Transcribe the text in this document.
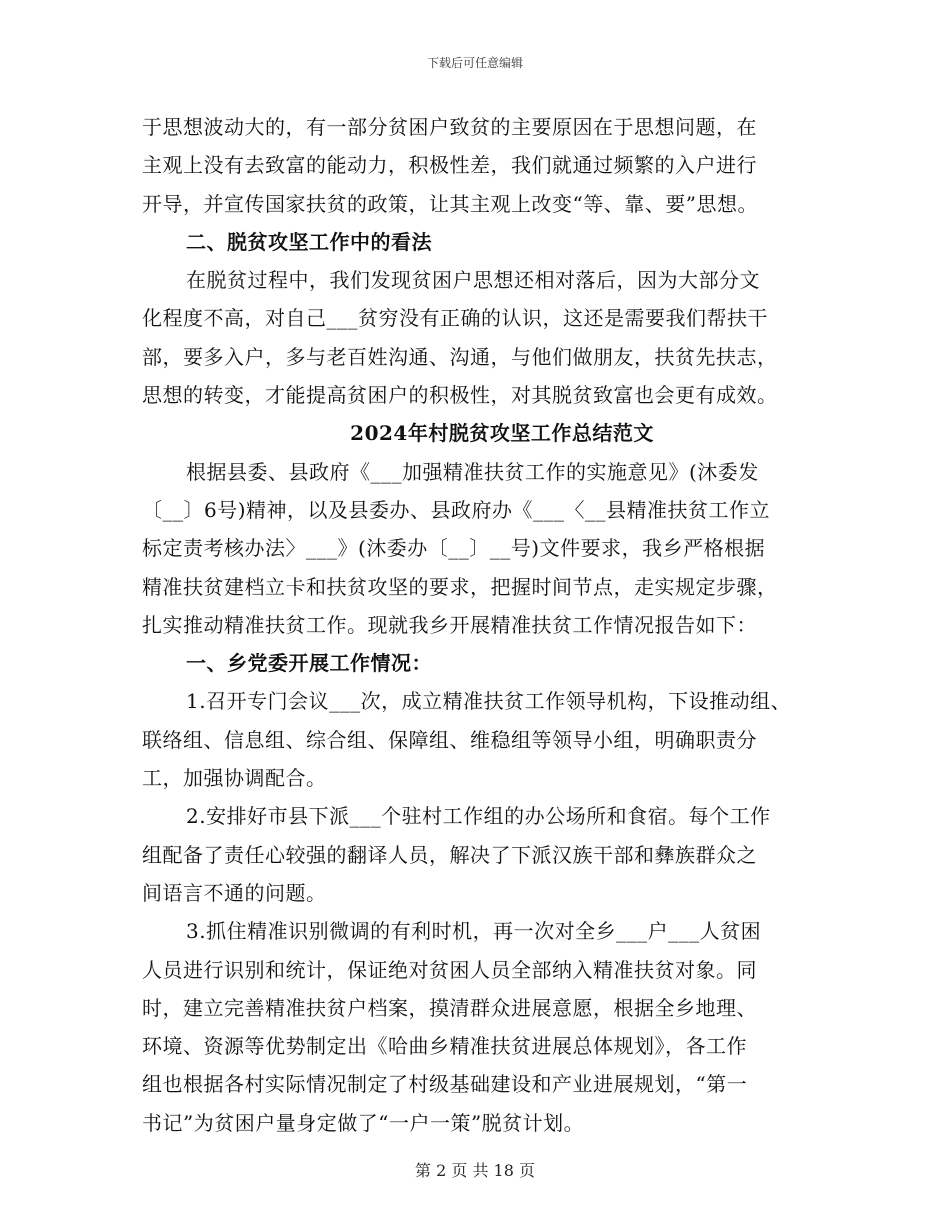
下载后可任意编辑
于思想波动大的，有一部分贫困户致贫的主要原因在于思想问题，在
主观上没有去致富的能动力，积极性差，我们就通过频繁的入户进行
开导，并宣传国家扶贫的政策，让其主观上改变“等、靠、要”思想。
二、脱贫攻坚工作中的看法
在脱贫过程中，我们发现贫困户思想还相对落后，因为大部分文
化程度不高，对自己___贫穷没有正确的认识，这还是需要我们帮扶干
部，要多入户，多与老百姓沟通、沟通，与他们做朋友，扶贫先扶志，
思想的转变，才能提高贫困户的积极性，对其脱贫致富也会更有成效。
2024年村脱贫攻坚工作总结范文
根据县委、县政府《___加强精准扶贫工作的实施意见》(沐委发
〔__〕6号)精神，以及县委办、县政府办《___〈__县精准扶贫工作立
标定责考核办法〉___》(沐委办〔__〕__号)文件要求，我乡严格根据
精准扶贫建档立卡和扶贫攻坚的要求，把握时间节点，走实规定步骤，
扎实推动精准扶贫工作。现就我乡开展精准扶贫工作情况报告如下：
一、乡党委开展工作情况：
1.召开专门会议___次，成立精准扶贫工作领导机构，下设推动组、
联络组、信息组、综合组、保障组、维稳组等领导小组，明确职责分
工，加强协调配合。
2.安排好市县下派___个驻村工作组的办公场所和食宿。每个工作
组配备了责任心较强的翻译人员，解决了下派汉族干部和彝族群众之
间语言不通的问题。
3.抓住精准识别微调的有利时机，再一次对全乡___户___人贫困
人员进行识别和统计，保证绝对贫困人员全部纳入精准扶贫对象。同
时，建立完善精准扶贫户档案，摸清群众进展意愿，根据全乡地理、
环境、资源等优势制定出《哈曲乡精准扶贫进展总体规划》，各工作
组也根据各村实际情况制定了村级基础建设和产业进展规划，“第一
书记”为贫困户量身定做了“一户一策”脱贫计划。
第 2 页 共 18 页
